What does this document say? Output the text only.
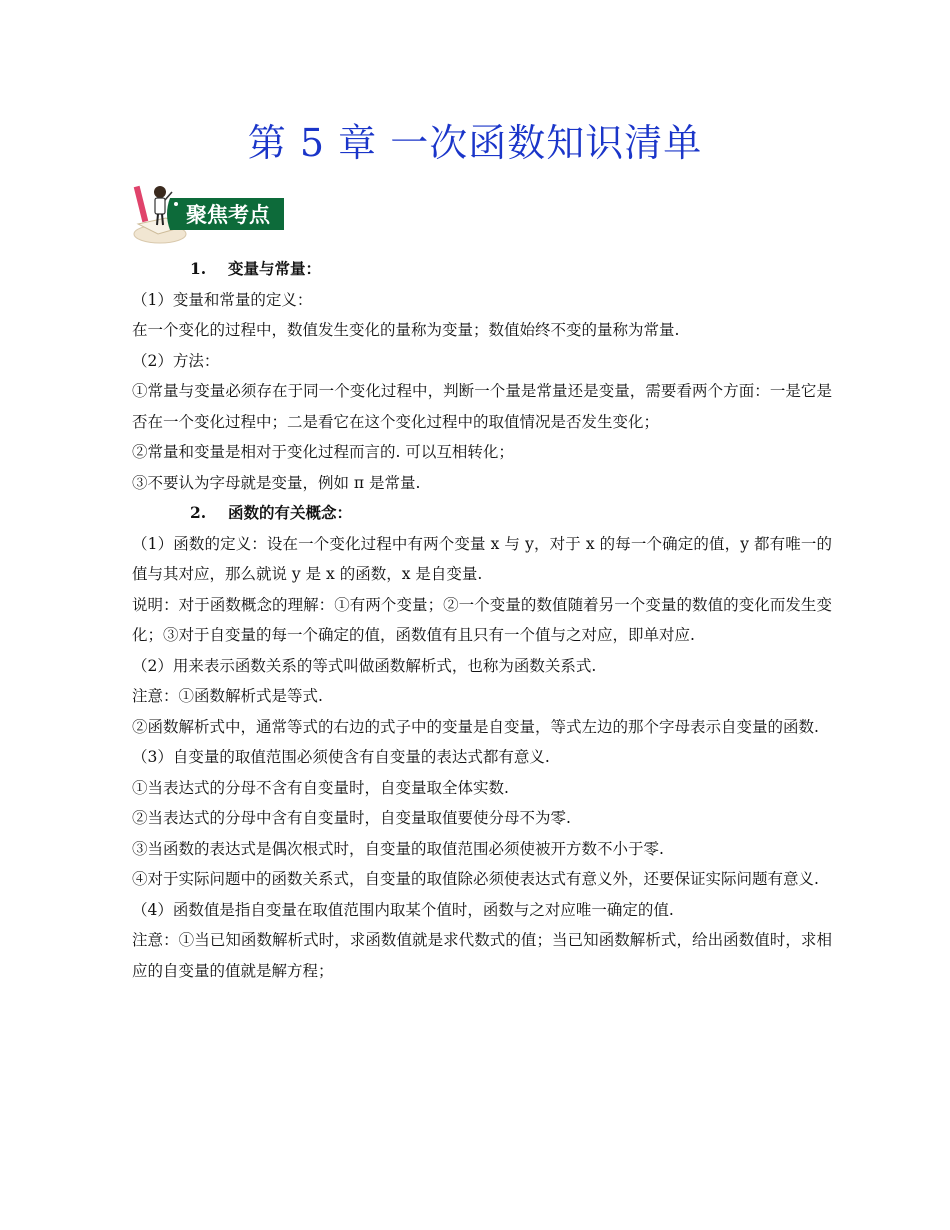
第 5 章 一次函数知识清单
聚焦考点

1. 变量与常量：

（1）变量和常量的定义：

在一个变化的过程中，数值发生变化的量称为变量；数值始终不变的量称为常量.

（2）方法：

①常量与变量必须存在于同一个变化过程中，判断一个量是常量还是变量，需要看两个方面：一是它是否在一个变化过程中；二是看它在这个变化过程中的取值情况是否发生变化；

②常量和变量是相对于变化过程而言的. 可以互相转化；

③不要认为字母就是变量，例如 π 是常量.

2. 函数的有关概念：

（1）函数的定义：设在一个变化过程中有两个变量 x 与 y，对于 x 的每一个确定的值，y 都有唯一的值与其对应，那么就说 y 是 x 的函数，x 是自变量.

说明：对于函数概念的理解：①有两个变量；②一个变量的数值随着另一个变量的数值的变化而发生变化；③对于自变量的每一个确定的值，函数值有且只有一个值与之对应，即单对应.

（2）用来表示函数关系的等式叫做函数解析式，也称为函数关系式.

注意：①函数解析式是等式.

②函数解析式中，通常等式的右边的式子中的变量是自变量，等式左边的那个字母表示自变量的函数.

（3）自变量的取值范围必须使含有自变量的表达式都有意义.

①当表达式的分母不含有自变量时，自变量取全体实数.

②当表达式的分母中含有自变量时，自变量取值要使分母不为零.

③当函数的表达式是偶次根式时，自变量的取值范围必须使被开方数不小于零.

④对于实际问题中的函数关系式，自变量的取值除必须使表达式有意义外，还要保证实际问题有意义.

（4）函数值是指自变量在取值范围内取某个值时，函数与之对应唯一确定的值.

注意：①当已知函数解析式时，求函数值就是求代数式的值；当已知函数解析式，给出函数值时，求相应的自变量的值就是解方程；
